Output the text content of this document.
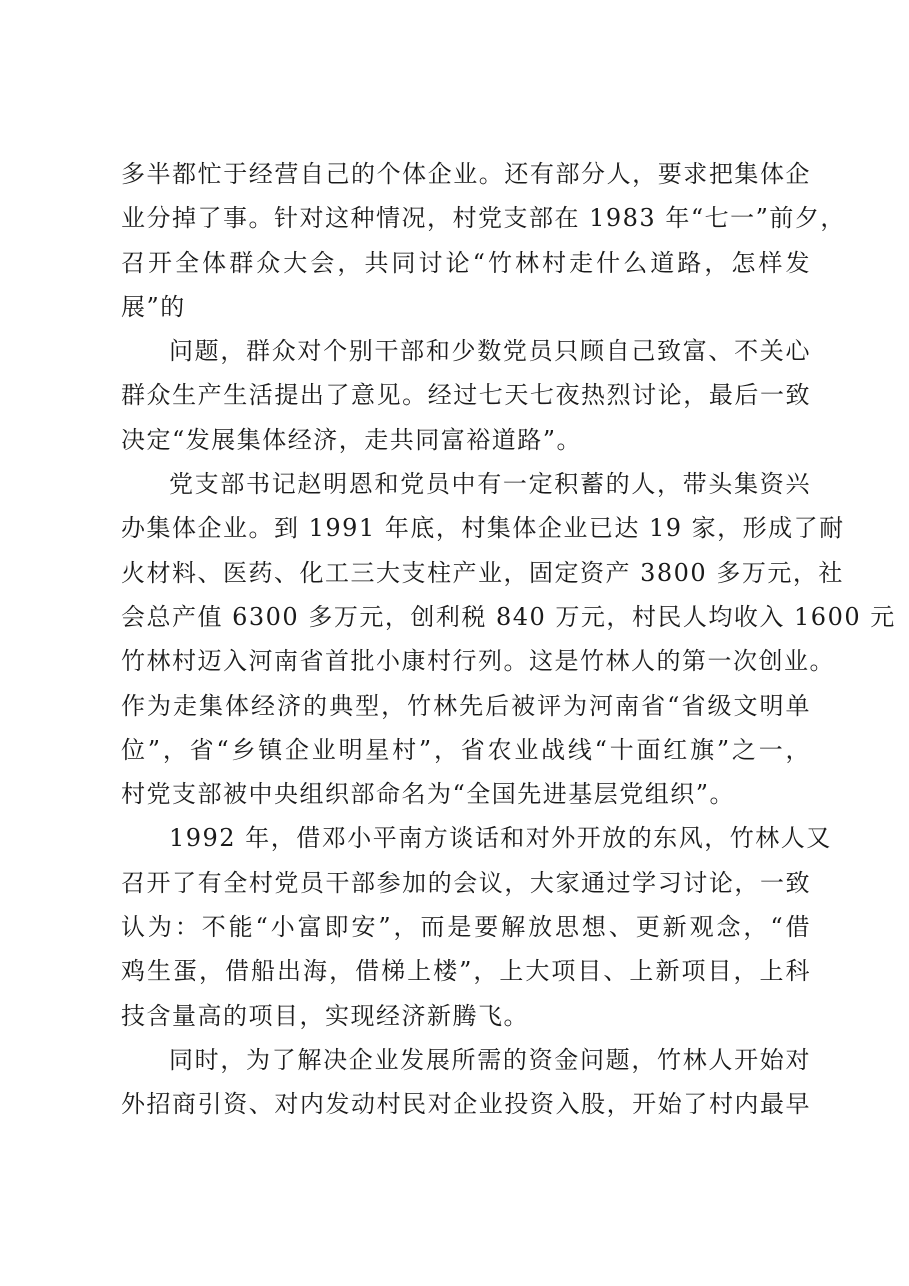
多半都忙于经营自己的个体企业。还有部分人，要求把集体企
业分掉了事。针对这种情况，村党支部在 1983 年“七一”前夕，
召开全体群众大会，共同讨论“竹林村走什么道路，怎样发
展”的
问题，群众对个别干部和少数党员只顾自己致富、不关心
群众生产生活提出了意见。经过七天七夜热烈讨论，最后一致
决定“发展集体经济，走共同富裕道路”。
党支部书记赵明恩和党员中有一定积蓄的人，带头集资兴
办集体企业。到 1991 年底，村集体企业已达 19 家，形成了耐
火材料、医药、化工三大支柱产业，固定资产 3800 多万元，社
会总产值 6300 多万元，创利税 840 万元，村民人均收入 1600 元
竹林村迈入河南省首批小康村行列。这是竹林人的第一次创业。
作为走集体经济的典型，竹林先后被评为河南省“省级文明单
位”，省“乡镇企业明星村”，省农业战线“十面红旗”之一，
村党支部被中央组织部命名为“全国先进基层党组织”。
1992 年，借邓小平南方谈话和对外开放的东风，竹林人又
召开了有全村党员干部参加的会议，大家通过学习讨论，一致
认为：不能“小富即安”，而是要解放思想、更新观念，“借
鸡生蛋，借船出海，借梯上楼”，上大项目、上新项目，上科
技含量高的项目，实现经济新腾飞。
同时，为了解决企业发展所需的资金问题，竹林人开始对
外招商引资、对内发动村民对企业投资入股，开始了村内最早
